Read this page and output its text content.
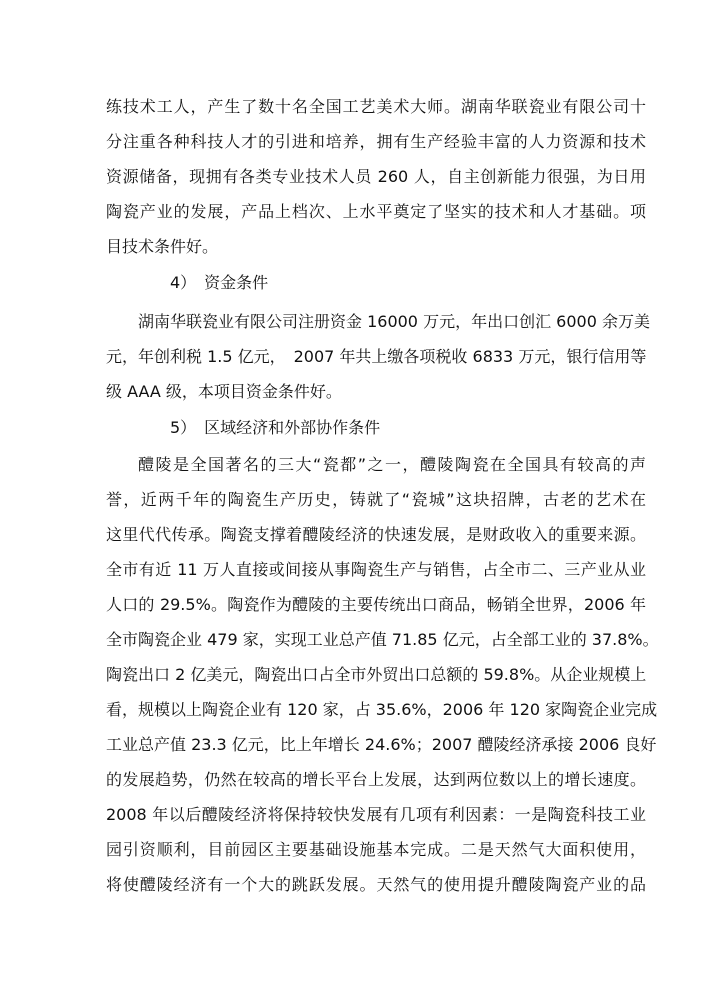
练技术工人，产生了数十名全国工艺美术大师。湖南华联瓷业有限公司十
分注重各种科技人才的引进和培养，拥有生产经验丰富的人力资源和技术
资源储备，现拥有各类专业技术人员 260 人，自主创新能力很强，为日用
陶瓷产业的发展，产品上档次、上水平奠定了坚实的技术和人才基础。项
目技术条件好。
4）　资金条件
湖南华联瓷业有限公司注册资金 16000 万元，年出口创汇 6000 余万美
元，年创利税 1.5 亿元，　2007 年共上缴各项税收 6833 万元，银行信用等
级 AAA 级，本项目资金条件好。
5）　区域经济和外部协作条件
醴陵是全国著名的三大“瓷都”之一，醴陵陶瓷在全国具有较高的声
誉，近两千年的陶瓷生产历史，铸就了“瓷城”这块招牌，古老的艺术在
这里代代传承。陶瓷支撑着醴陵经济的快速发展，是财政收入的重要来源。
全市有近 11 万人直接或间接从事陶瓷生产与销售，占全市二、三产业从业
人口的 29.5%。陶瓷作为醴陵的主要传统出口商品，畅销全世界，2006 年
全市陶瓷企业 479 家，实现工业总产值 71.85 亿元，占全部工业的 37.8%。
陶瓷出口 2 亿美元，陶瓷出口占全市外贸出口总额的 59.8%。从企业规模上
看，规模以上陶瓷企业有 120 家，占 35.6%，2006 年 120 家陶瓷企业完成
工业总产值 23.3 亿元，比上年增长 24.6%；2007 醴陵经济承接 2006 良好
的发展趋势，仍然在较高的增长平台上发展，达到两位数以上的增长速度。
2008 年以后醴陵经济将保持较快发展有几项有利因素：一是陶瓷科技工业
园引资顺利，目前园区主要基础设施基本完成。二是天然气大面积使用，
将使醴陵经济有一个大的跳跃发展。天然气的使用提升醴陵陶瓷产业的品
